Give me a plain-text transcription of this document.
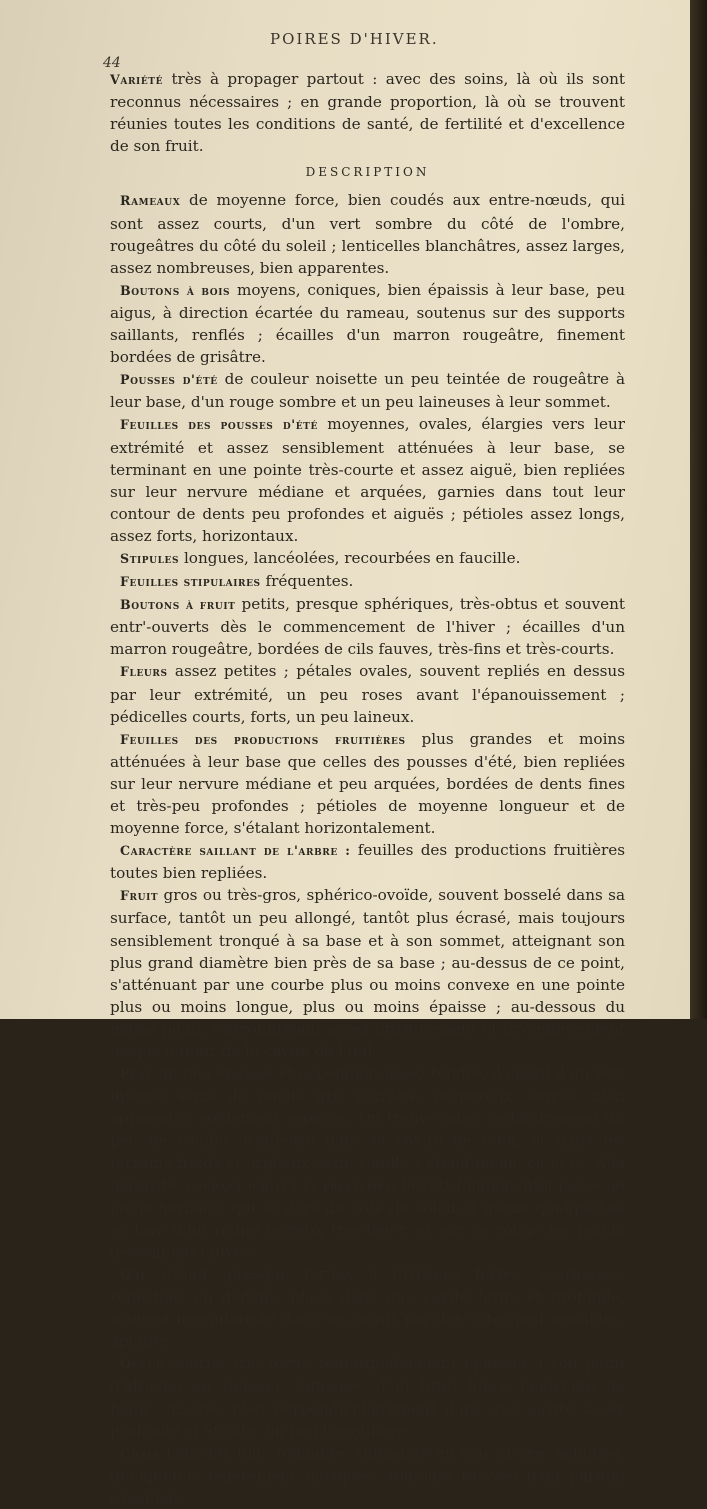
POIRES D'HIVER.
44

Variété très à propager partout : avec des soins, là où ils sont reconnus nécessaires ; en grande proportion, là où se trouvent réunies toutes les conditions de santé, de fertilité et d'excellence de son fruit.

DESCRIPTION

Rameaux de moyenne force, bien coudés aux entre-nœuds, qui sont assez courts, d'un vert sombre du côté de l'ombre, rougeâtres du côté du soleil ; lenticelles blanchâtres, assez larges, assez nombreuses, bien apparentes.

Boutons à bois moyens, coniques, bien épaissis à leur base, peu aigus, à direction écartée du rameau, soutenus sur des supports saillants, renflés ; écailles d'un marron rougeâtre, finement bordées de grisâtre.

Pousses d'été de couleur noisette un peu teintée de rougeâtre à leur base, d'un rouge sombre et un peu laineuses à leur sommet.

Feuilles des pousses d'été moyennes, ovales, élargies vers leur extrémité et assez sensiblement atténuées à leur base, se terminant en une pointe très-courte et assez aiguë, bien repliées sur leur nervure médiane et arquées, garnies dans tout leur contour de dents peu profondes et aiguës ; pétioles assez longs, assez forts, horizontaux.

Stipules longues, lancéolées, recourbées en faucille.

Feuilles stipulaires fréquentes.

Boutons à fruit petits, presque sphériques, très-obtus et souvent entr'-ouverts dès le commencement de l'hiver ; écailles d'un marron rougeâtre, bordées de cils fauves, très-fins et très-courts.

Fleurs assez petites ; pétales ovales, souvent repliés en dessus par leur extrémité, un peu roses avant l'épanouissement ; pédicelles courts, forts, un peu laineux.

Feuilles des productions fruitières plus grandes et moins atténuées à leur base que celles des pousses d'été, bien repliées sur leur nervure médiane et peu arquées, bordées de dents fines et très-peu profondes ; pétioles de moyenne longueur et de moyenne force, s'étalant horizontalement.

Caractère saillant de l'arbre : feuilles des productions fruitières toutes bien repliées.

Fruit gros ou très-gros, sphérico-ovoïde, souvent bosselé dans sa surface, tantôt un peu allongé, tantôt plus écrasé, mais toujours sensiblement tronqué à sa base et à son sommet, atteignant son plus grand diamètre bien près de sa base ; au-dessus de ce point, s'atténuant par une courbe plus ou moins convexe en une pointe plus ou moins longue, plus ou moins épaisse ; au-dessous du même point, s'arrondissant assez brusquement et irrégulièrement jusque autour de la cavité de l'œil.

Peau un peu épaisse et cependant assez tendre, d'abord d'un vert intense semé de points gris noirâtre, nombreux, serrés, bien apparents, également espacés. On trouve aussi ordinairement un peu de rouille écailleuse dans la cavité de l'œil, et dans les terrains froids et argileux cette rouille s'étend même çà et là. A la maturité, courant d'hiver et printemps, le vert fondamental passe au jaune herbacé, qui se dore du côté du soleil et même quelquefois se lave d'un rouge terreux très-léger, et sur ce rouge les points deviennent fauves.

Œil grand, presque fermé, à divisions fortes, scarieuses, réfléchies en dedans, placé dans une cavité large et profonde, souvent irrégularisée dans ses bords par des côtes peu sensibles, aplaties.

Queue courte, très-forte, remarquablement épaissie à son point d'attache au rameau, ligneuse, d'un brun foncé moucheté de blanc, insérée bien perpendiculairement dans une cavité assez profonde et étroite, un peu irrégulière.

Chair blanche, fine, fondante, suffisante en eau sucrée, acidulée, quelquefois légèrement musquée, toujours relevée d'un parfum excellent.
